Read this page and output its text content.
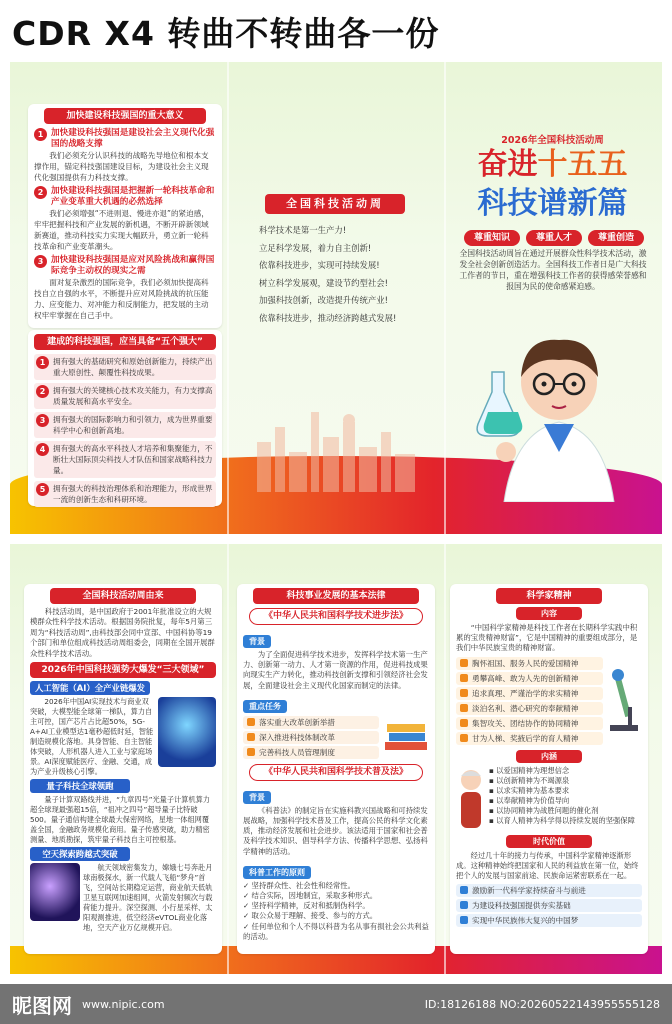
CDR X4 转曲不转曲各一份
加快建设科技强国的重大意义
1 加快建设科技强国是建设社会主义现代化强国的战略支撑
我们必须充分认识科技的战略先导地位和根本支撑作用，锚定科技强国建设目标，为建设社会主义现代化强国提供有力科技支撑。
2 加快建设科技强国是把握新一轮科技革命和产业变革重大机遇的必然选择
我们必须增强“不进则退、慢进亦退”的紧迫感，牢牢把握科技和产业发展的新机遇，不断开辟新领域新赛道，推动科技实力实现大幅跃升，勇立新一轮科技革命和产业变革潮头。
3 加快建设科技强国是应对风险挑战和赢得国际竞争主动权的现实之需
面对复杂激烈的国际竞争，我们必须加快提高科技自立自强的水平，不断提升应对风险挑战的抗压能力、应变能力、对冲能力和反制能力，把发展的主动权牢牢掌握在自己手中。
建成的科技强国，应当具备“五个强大”
1	拥有强大的基础研究和原始创新能力，持续产出重大原创性、颠覆性科技成果。
2	拥有强大的关键核心技术攻关能力，有力支撑高质量发展和高水平安全。
3	拥有强大的国际影响力和引领力，成为世界重要科学中心和创新高地。
4	拥有强大的高水平科技人才培养和集聚能力，不断壮大国际顶尖科技人才队伍和国家战略科技力量。
5	拥有强大的科技治理体系和治理能力，形成世界一流的创新生态和科研环境。
全国科技活动周
科学技术是第一生产力!
立足科学发展，着力自主创新!
依靠科技进步，实现可持续发展!
树立科学发展观，建设节约型社会!
加强科技创新，改造提升传统产业!
依靠科技进步，推动经济跨越式发展!
2026年全国科技活动周
奋进十五五
科技谱新篇
尊重知识	尊重人才	尊重创造
全国科技活动周旨在通过开展群众性科学技术活动，激发全社会创新创造活力。全国科技工作者日是广大科技工作者的节日，重在增强科技工作者的获得感荣誉感和报国为民的使命感紧迫感。
全国科技活动周由来
科技活动周，是中国政府于2001年批准设立的大规模群众性科学技术活动。根据国务院批复，每年5月第三周为“科技活动周”,由科技部会同中宣部、中国科协等19个部门和单位组成科技活动周组委会，同期在全国开展群众性科学技术活动。
2026年中国科技强势大爆发“三大领域”
人工智能（AI）全产业链爆发
2026年中国AI实现技术与商业双突破，大模型能全球第一梯队，算力自主可控，国产芯片占比超50%，5G-A+AI工业模型达1毫秒超低时延，智能制造规模化落地。具身智能、自主智能体突破，人形机器人进入工业与家庭场景。AI深度赋能医疗、金融、交通，成为产业升级核心引擎。
量子科技全球领跑
量子计算双路线并进，“九章四号”光量子计算机算力超全球现最强超15倍，“祖冲之四号”超导量子比特破500。量子通信构建全球最大保密网络，星地一体组网覆盖全国，金融政务规模化商用。量子传感突破，助力精密测量、地质勘探，筑牢量子科技自主可控根基。
空天探索跨越式突破
航天领域密集发力，嫦娥七号奔赴月球南极探水，新一代载人飞船“梦舟”首飞，空间站长期稳定运营，商业航天低轨卫星互联网加速组网，火箭发射频次与载荷能力提升。深空探测、小行星采样、太阳观测推进，低空经济eVTOL商业化落地，空天产业万亿规模开启。
科技事业发展的基本法律
《中华人民共和国科学技术进步法》
背景
为了全面促进科学技术进步，发挥科学技术第一生产力、创新第一动力、人才第一资源的作用，促进科技成果向现实生产力转化，推动科技创新支撑和引领经济社会发展，全面建设社会主义现代化国家而制定的法律。
重点任务
落实重大改革创新举措
深入推进科技体制改革
完善科技人员管理制度
《中华人民共和国科学技术普及法》
背景
《科普法》的制定旨在实施科教兴国战略和可持续发展战略，加强科学技术普及工作，提高公民的科学文化素质，推动经济发展和社会进步。该法适用于国家和社会普及科学技术知识、倡导科学方法、传播科学思想、弘扬科学精神的活动。
科普工作的原则
✓ 坚持群众性、社会性和经常性。
✓ 结合实际，因地制宜，采取多种形式。
✓ 坚持科学精神，反对和抵制伪科学。
✓ 取公众易于理解、接受、参与的方式。
✓ 任何单位和个人不得以科普为名从事有损社会公共利益的活动。
科学家精神
内容
“中国科学家精神是科技工作者在长期科学实践中积累的宝贵精神财富”，它是中国精神的重要组成部分，是我们中华民族宝贵的精神财富。
胸怀祖国、服务人民的爱国精神
勇攀高峰、敢为人先的创新精神
追求真理、严谨治学的求实精神
淡泊名利、潜心研究的奉献精神
集智攻关、团结协作的协同精神
甘为人梯、奖掖后学的育人精神
内涵
▪ 以爱国精神为理想信念
▪ 以创新精神为不竭源泉
▪ 以求实精神为基本要求
▪ 以奉献精神为价值导向
▪ 以协同精神为战胜问题的催化剂
▪ 以育人精神为科学得以持续发展的坚强保障
时代价值
经过几十年的接力与传承，中国科学家精神逐渐形成。这种精神始终把国家和人民的利益放在第一位，始终把个人的发展与国家前途、民族命运紧密联系在一起。
激励新一代科学家持续奋斗与前进
为建设科技强国提供夯实基础
实现中华民族伟大复兴的中国梦
昵图网 www.nipic.com	ID:18126188 NO:20260522143955555128
